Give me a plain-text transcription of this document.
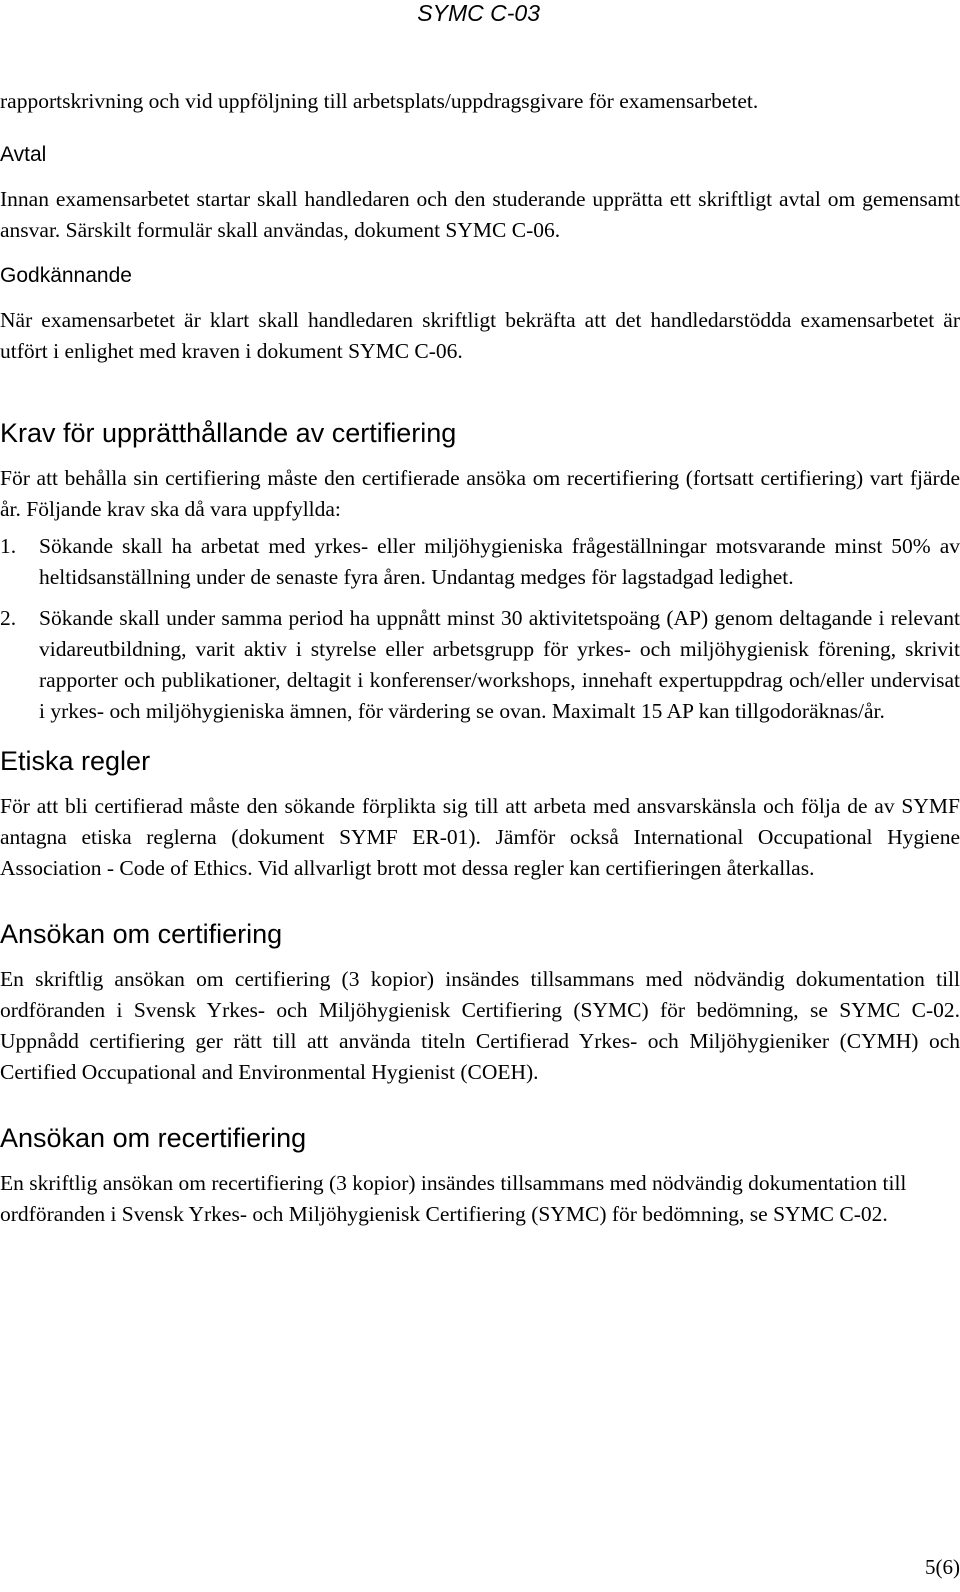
SYMC C-03

rapportskrivning och vid uppföljning till arbetsplats/uppdragsgivare för examensarbetet.

Avtal

Innan examensarbetet startar skall handledaren och den studerande upprätta ett skriftligt avtal om gemensamt ansvar. Särskilt formulär skall användas, dokument SYMC C-06.

Godkännande

När examensarbetet är klart skall handledaren skriftligt bekräfta att det handledarstödda examensarbetet är utfört i enlighet med kraven i dokument SYMC C-06.

Krav för upprätthållande av certifiering

För att behålla sin certifiering måste den certifierade ansöka om recertifiering (fortsatt certifiering) vart fjärde år. Följande krav ska då vara uppfyllda:

1. Sökande skall ha arbetat med yrkes- eller miljöhygieniska frågeställningar motsvarande minst 50% av heltidsanställning under de senaste fyra åren. Undantag medges för lagstadgad ledighet.

2. Sökande skall under samma period ha uppnått minst 30 aktivitetspoäng (AP) genom deltagande i relevant vidareutbildning, varit aktiv i styrelse eller arbetsgrupp för yrkes- och miljöhygienisk förening, skrivit rapporter och publikationer, deltagit i konferenser/workshops, innehaft expertuppdrag och/eller undervisat i yrkes- och miljöhygieniska ämnen, för värdering se ovan. Maximalt 15 AP kan tillgodoräknas/år.

Etiska regler

För att bli certifierad måste den sökande förplikta sig till att arbeta med ansvarskänsla och följa de av SYMF antagna etiska reglerna (dokument SYMF ER-01). Jämför också International Occupational Hygiene Association - Code of Ethics. Vid allvarligt brott mot dessa regler kan certifieringen återkallas.

Ansökan om certifiering

En skriftlig ansökan om certifiering (3 kopior) insändes tillsammans med nödvändig dokumentation till ordföranden i Svensk Yrkes- och Miljöhygienisk Certifiering (SYMC) för bedömning, se SYMC C-02. Uppnådd certifiering ger rätt till att använda titeln Certifierad Yrkes- och Miljöhygieniker (CYMH) och Certified Occupational and Environmental Hygienist (COEH).

Ansökan om recertifiering

En skriftlig ansökan om recertifiering (3 kopior) insändes tillsammans med nödvändig dokumentation till ordföranden i Svensk Yrkes- och Miljöhygienisk Certifiering (SYMC) för bedömning, se SYMC C-02.

5(6)
